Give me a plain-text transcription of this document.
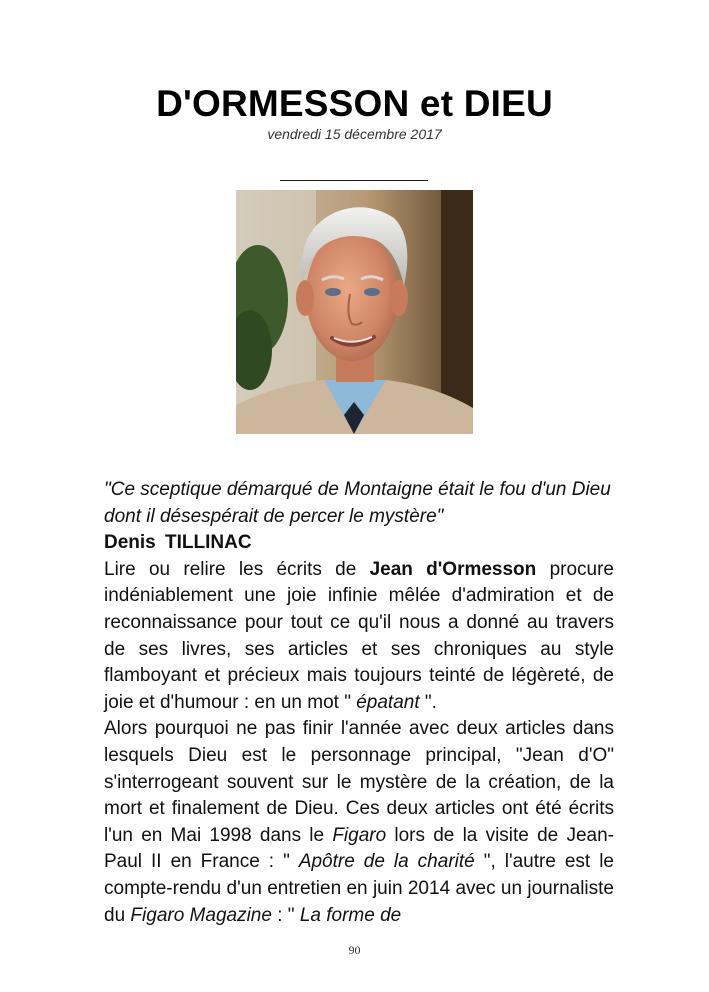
D'ORMESSON et DIEU
vendredi 15 décembre 2017

"Ce sceptique démarqué de Montaigne était le fou d'un Dieu dont il désespérait de percer le mystère"

Denis TILLINAC

Lire ou relire les écrits de Jean d'Ormesson procure indéniablement une joie infinie mêlée d'admiration et de reconnaissance pour tout ce qu'il nous a donné au travers de ses livres, ses articles et ses chroniques au style flamboyant et précieux mais toujours teinté de légèreté, de joie et d'humour : en un mot " épatant ".

Alors pourquoi ne pas finir l'année avec deux articles dans lesquels Dieu est le personnage principal, "Jean d'O" s'interrogeant souvent sur le mystère de la création, de la mort et finalement de Dieu. Ces deux articles ont été écrits l'un en Mai 1998 dans le Figaro lors de la visite de Jean-Paul II en France : " Apôtre de la charité ", l'autre est le compte-rendu d'un entretien en juin 2014 avec un journaliste du Figaro Magazine : " La forme de

90
